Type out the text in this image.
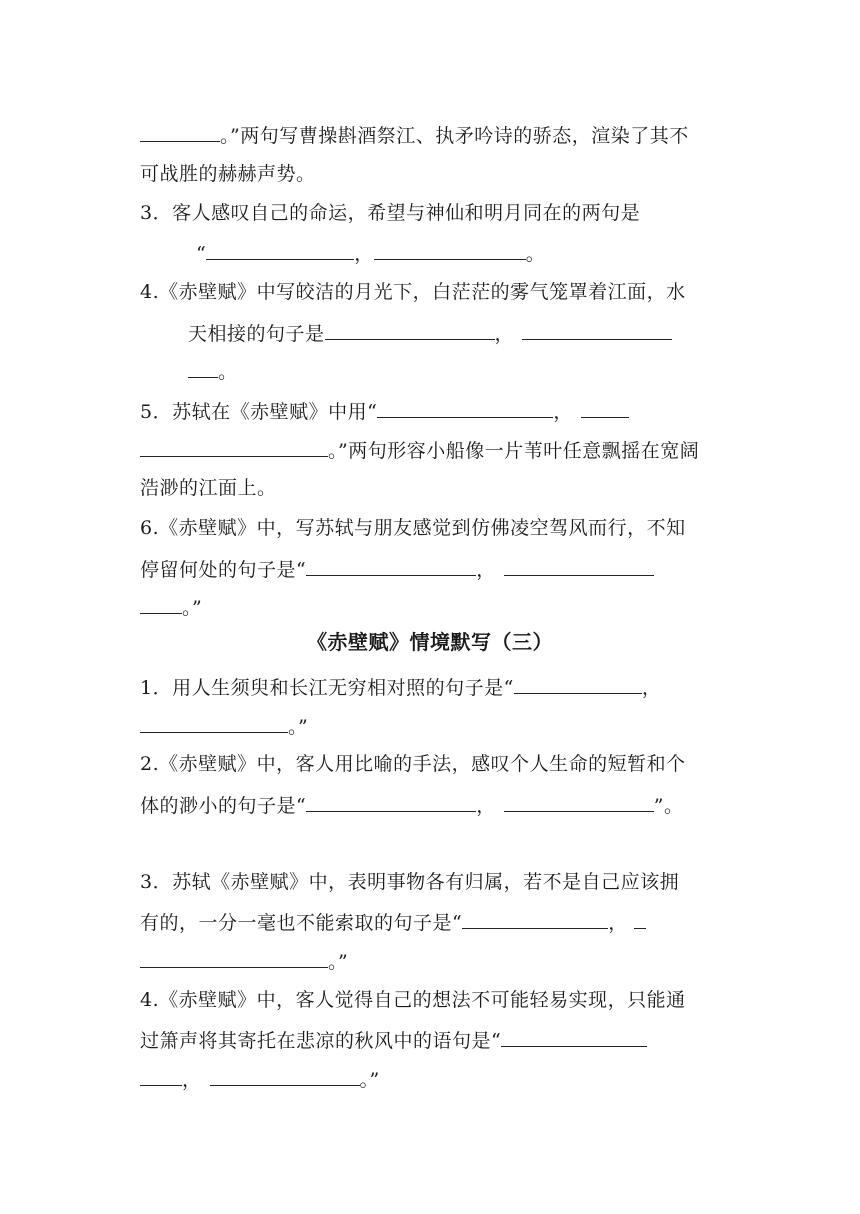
。”两句写曹操斟酒祭江、执矛吟诗的骄态，渲染了其不
可战胜的赫赫声势。
3．客人感叹自己的命运，希望与神仙和明月同在的两句是
“	，	。
4.《赤壁赋》中写皎洁的月光下，白茫茫的雾气笼罩着江面，水
天相接的句子是	，
。
5．苏轼在《赤壁赋》中用“	，
。”两句形容小船像一片苇叶任意飘摇在宽阔
浩渺的江面上。
6.《赤壁赋》中，写苏轼与朋友感觉到仿佛凌空驾风而行，不知
停留何处的句子是“	，
。”
《赤壁赋》情境默写（三）
1．用人生须臾和长江无穷相对照的句子是“	，
。”
2.《赤壁赋》中，客人用比喻的手法，感叹个人生命的短暂和个
体的渺小的句子是“	，	”。
3．苏轼《赤壁赋》中，表明事物各有归属，若不是自己应该拥
有的，一分一毫也不能索取的句子是“	，
。”
4.《赤壁赋》中，客人觉得自己的想法不可能轻易实现，只能通
过箫声将其寄托在悲凉的秋风中的语句是“
，	。”
